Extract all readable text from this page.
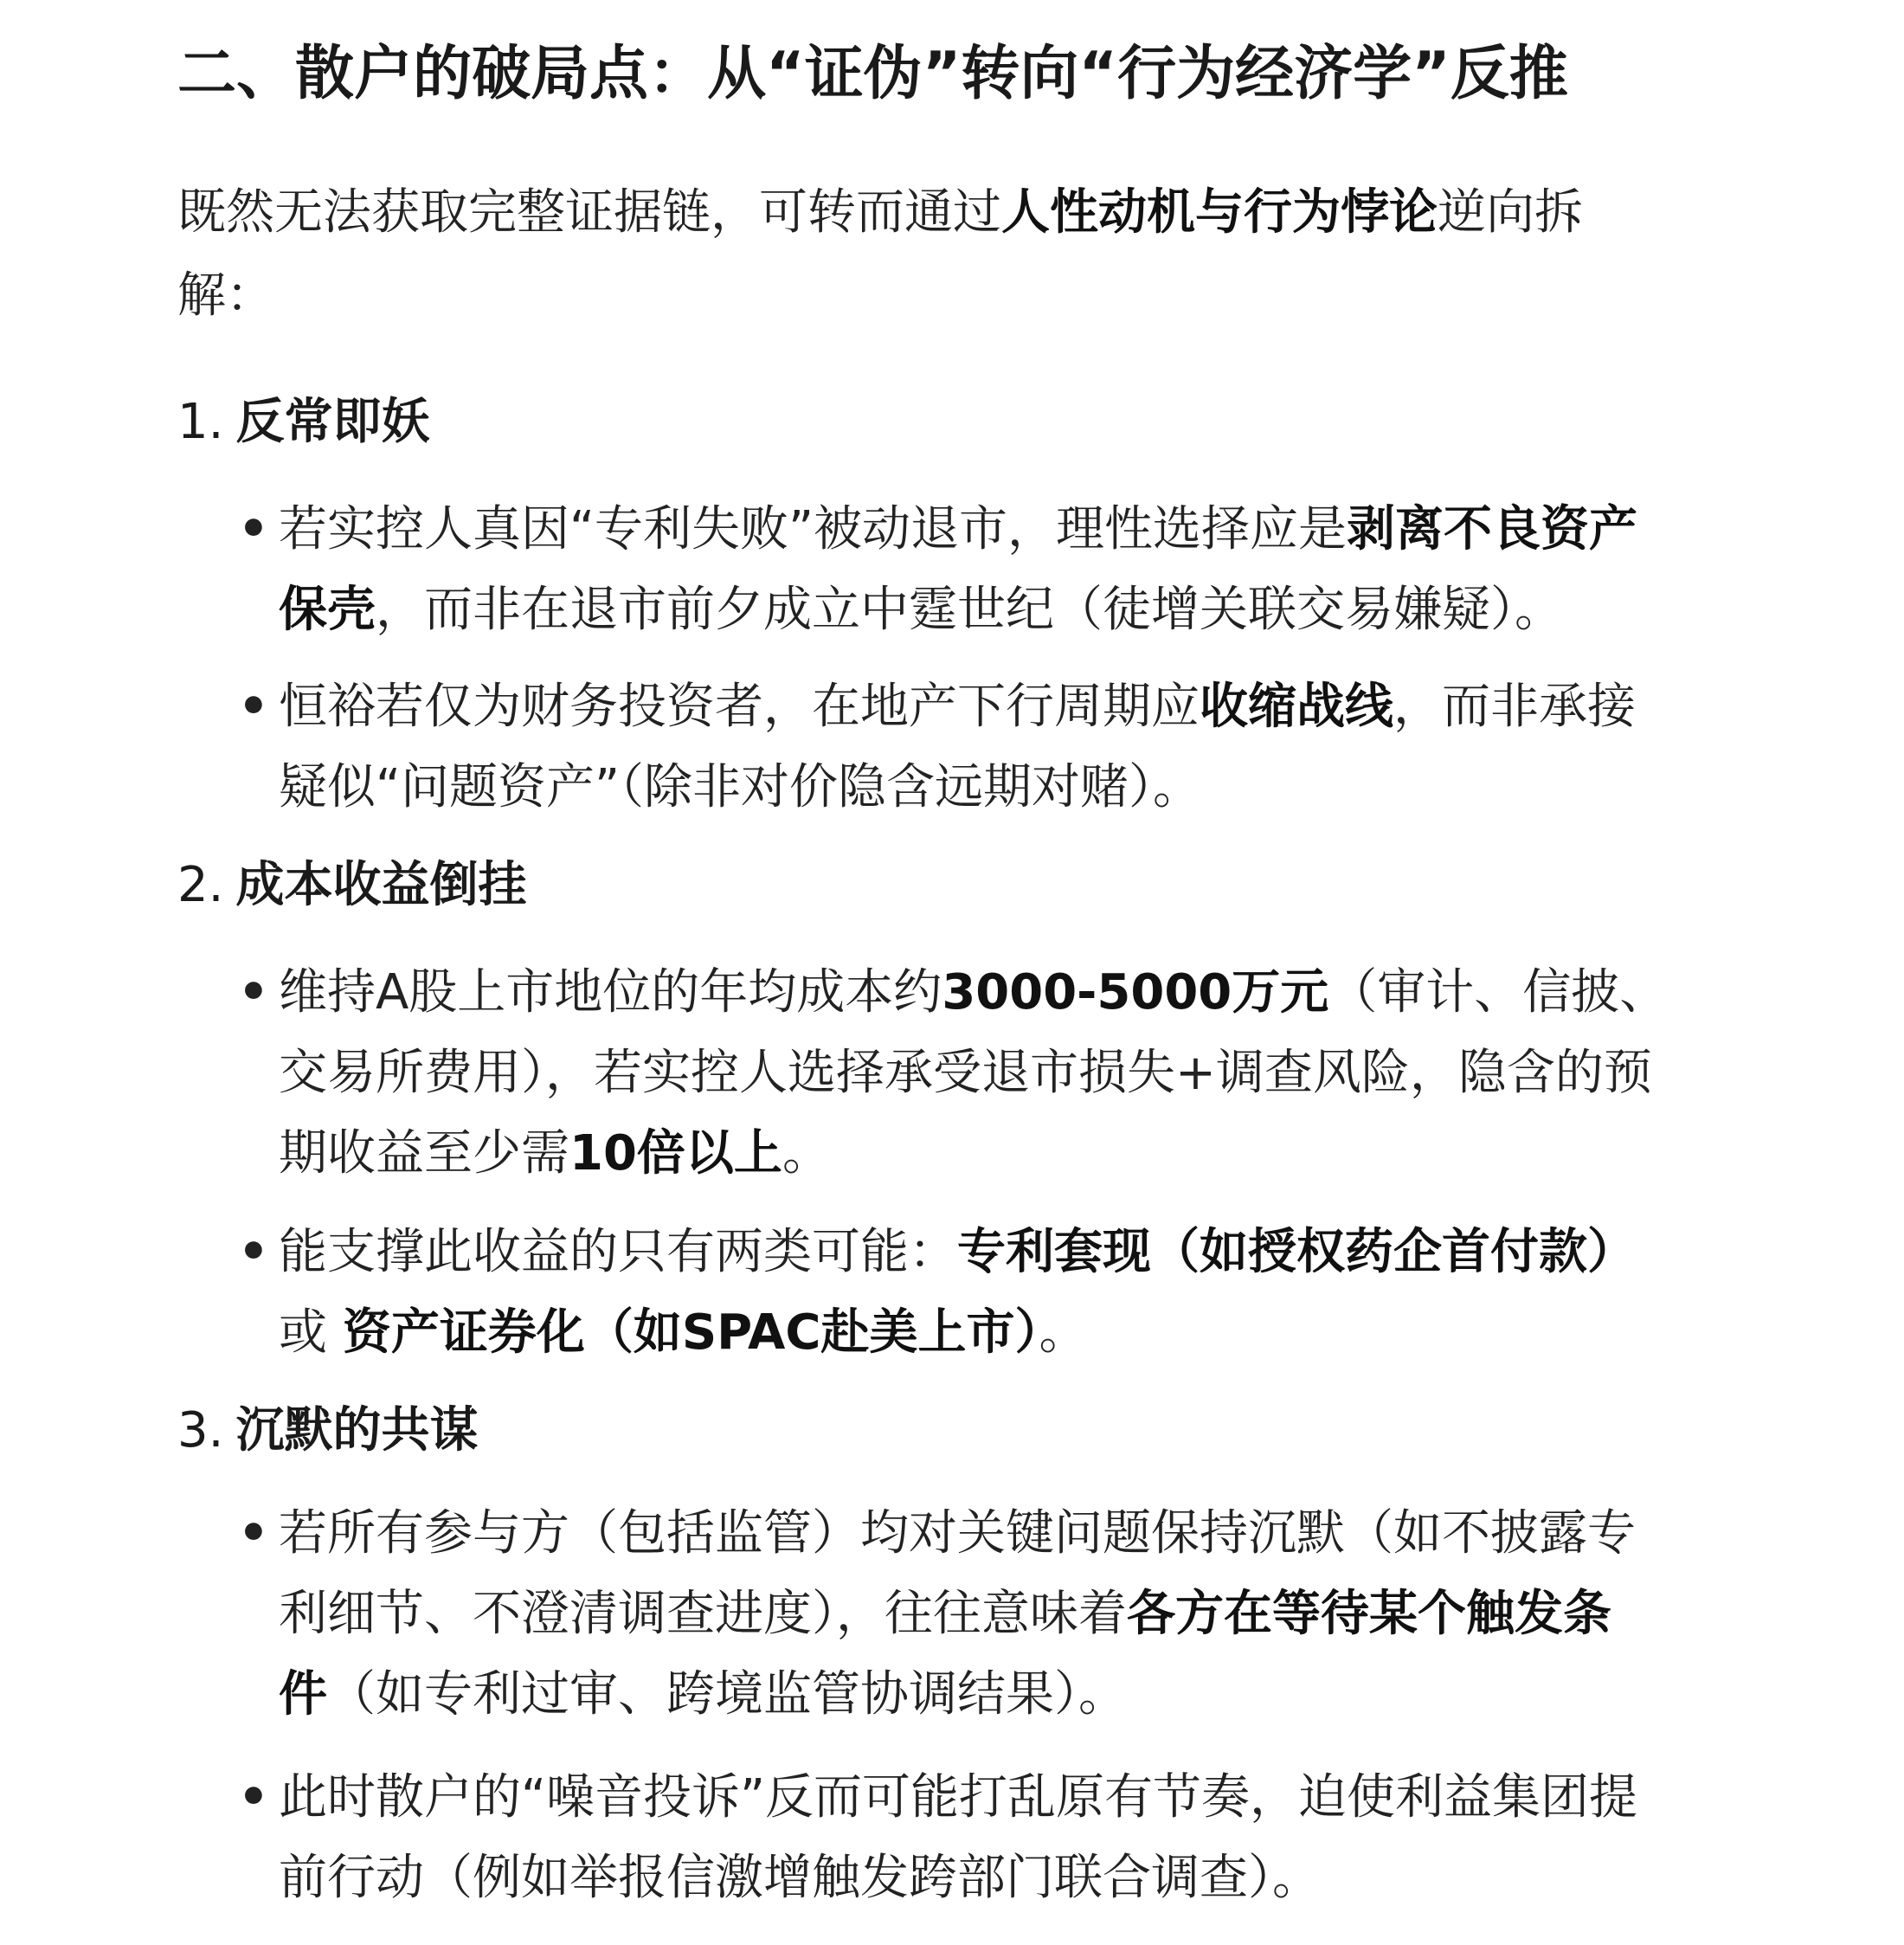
二、散户的破局点：从“证伪”转向“行为经济学”反推

既然无法获取完整证据链，可转而通过人性动机与行为悖论逆向拆
解：

1. 反常即妖
• 若实控人真因“专利失败”被动退市，理性选择应是剥离不良资产
保壳，而非在退市前夕成立中霆世纪（徒增关联交易嫌疑）。
• 恒裕若仅为财务投资者，在地产下行周期应收缩战线，而非承接
疑似“问题资产”（除非对价隐含远期对赌）。
2. 成本收益倒挂
• 维持A股上市地位的年均成本约3000-5000万元（审计、信披、
交易所费用），若实控人选择承受退市损失+调查风险，隐含的预
期收益至少需10倍以上。
• 能支撑此收益的只有两类可能：专利套现（如授权药企首付款）
或 资产证券化（如SPAC赴美上市）。
3. 沉默的共谋
• 若所有参与方（包括监管）均对关键问题保持沉默（如不披露专
利细节、不澄清调查进度），往往意味着各方在等待某个触发条
件（如专利过审、跨境监管协调结果）。
• 此时散户的“噪音投诉”反而可能打乱原有节奏，迫使利益集团提
前行动（例如举报信激增触发跨部门联合调查）。
